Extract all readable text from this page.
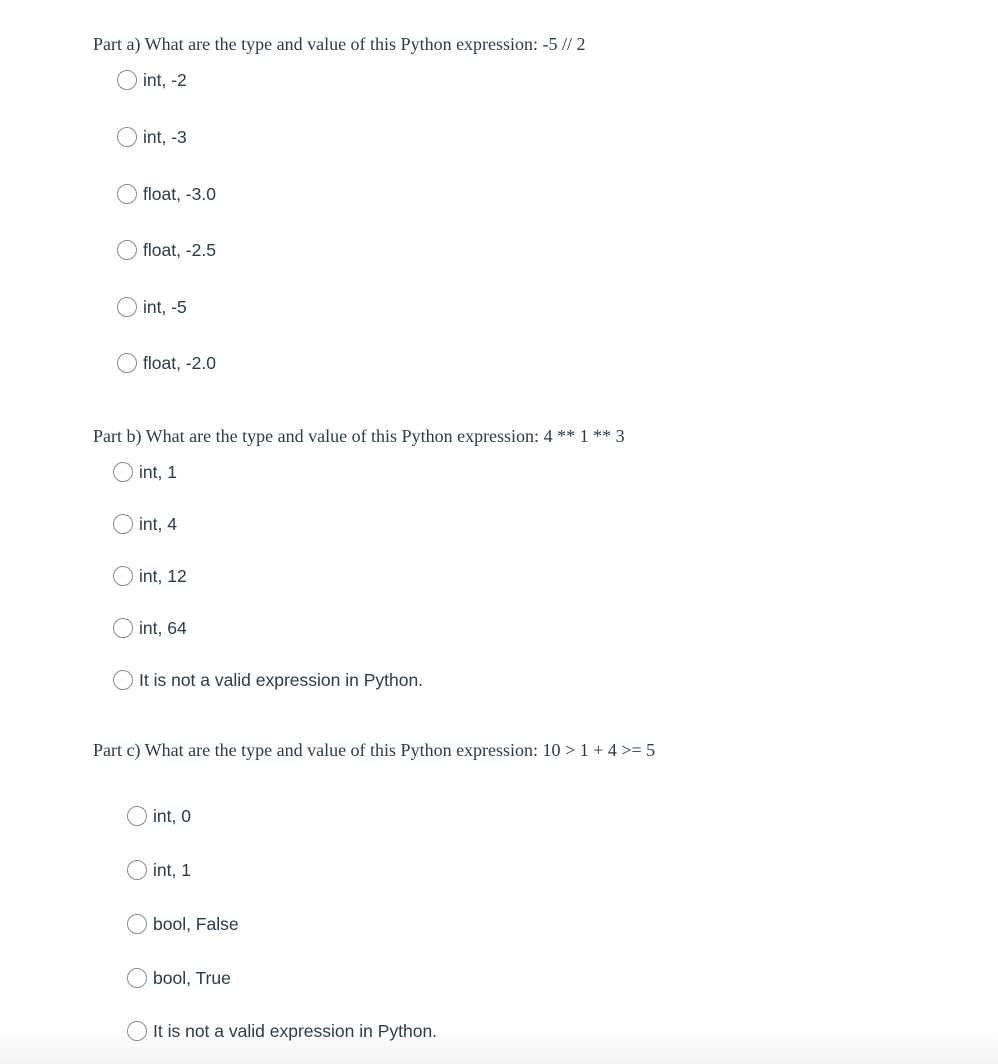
Part a) What are the type and value of this Python expression: -5 // 2

int, -2
int, -3
float, -3.0
float, -2.5
int, -5
float, -2.0

Part b) What are the type and value of this Python expression: 4 ** 1 ** 3

int, 1
int, 4
int, 12
int, 64
It is not a valid expression in Python.

Part c) What are the type and value of this Python expression: 10 > 1 + 4 >= 5

int, 0
int, 1
bool, False
bool, True
It is not a valid expression in Python.
